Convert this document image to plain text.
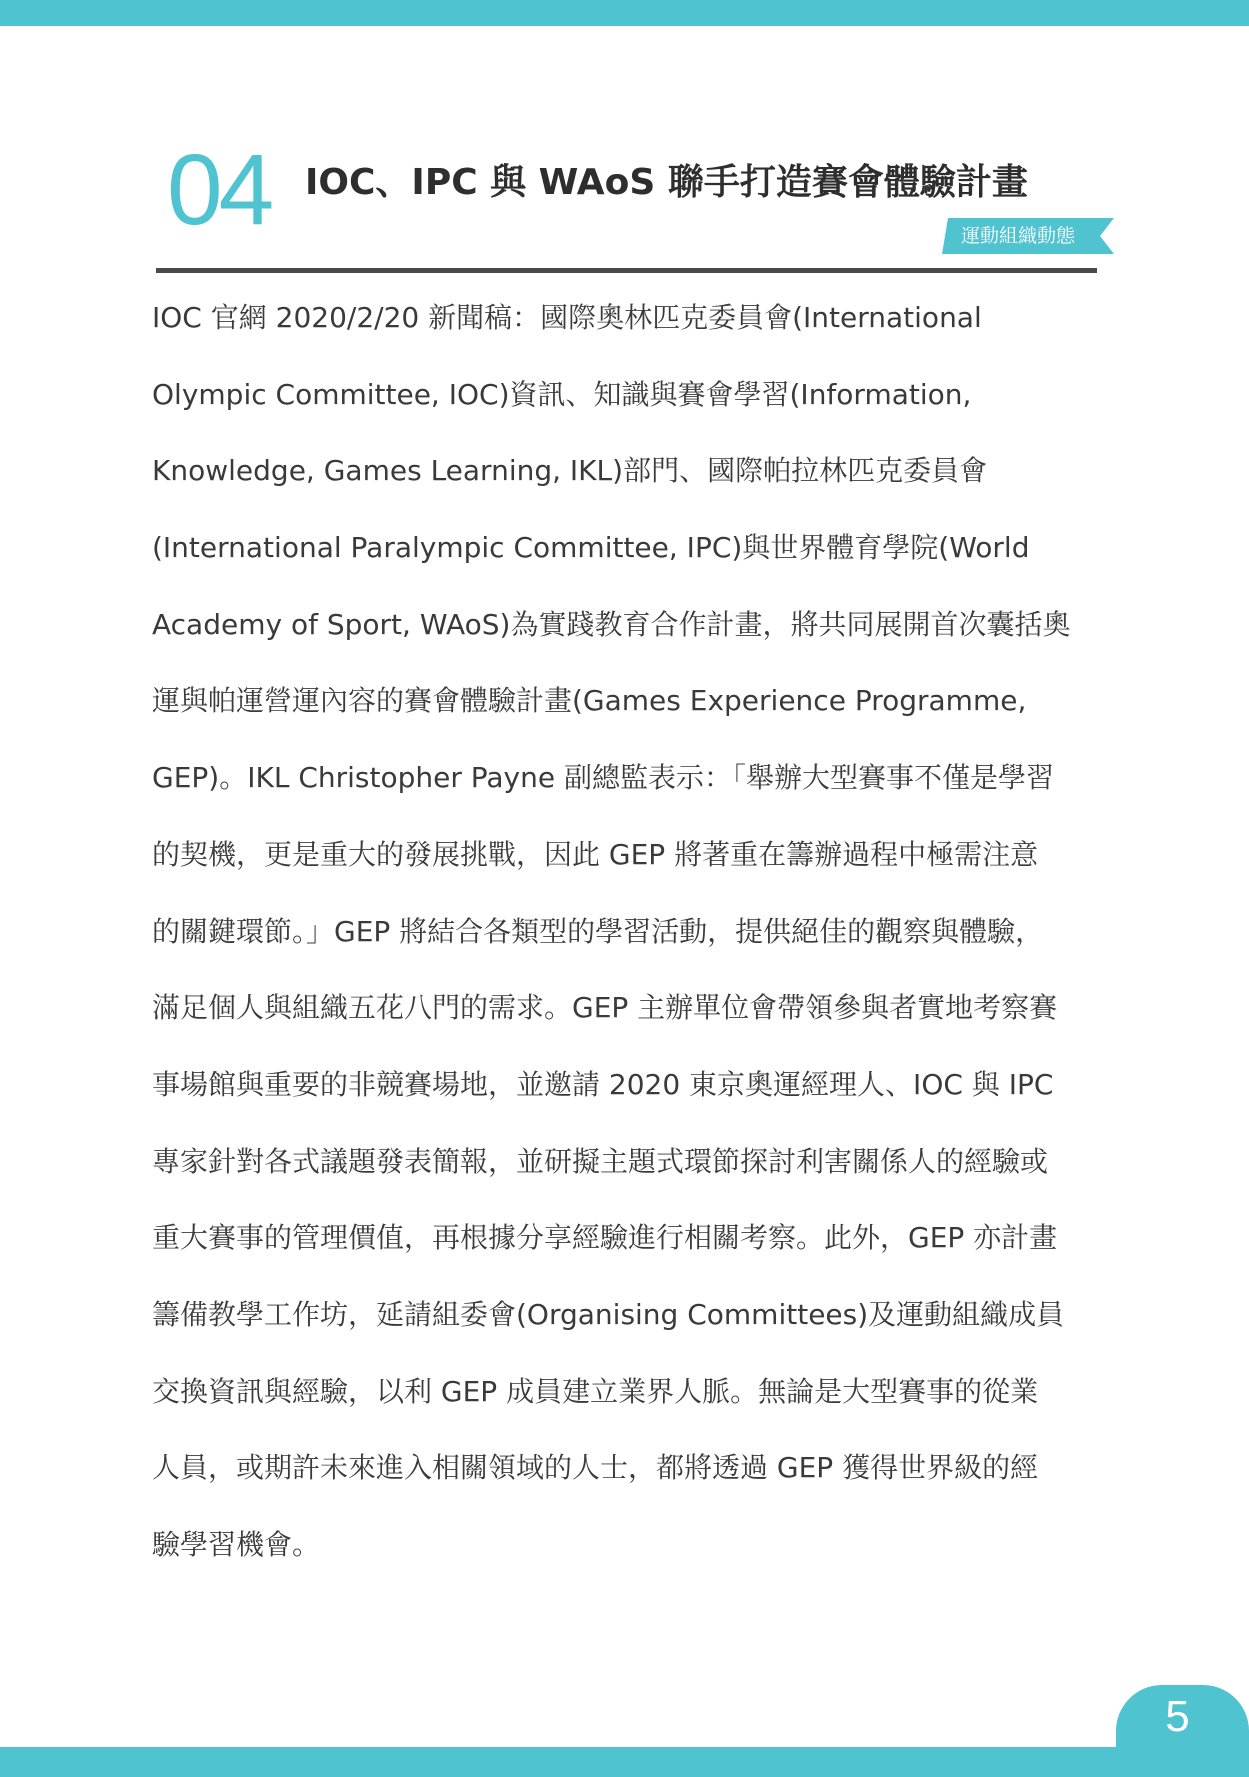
04 IOC、IPC 與 WAoS 聯手打造賽會體驗計畫
運動組織動態
IOC 官網 2020/2/20 新聞稿：國際奧林匹克委員會(International
Olympic Committee, IOC)資訊、知識與賽會學習(Information,
Knowledge, Games Learning, IKL)部門、國際帕拉林匹克委員會
(International Paralympic Committee, IPC)與世界體育學院(World
Academy of Sport, WAoS)為實踐教育合作計畫，將共同展開首次囊括奧
運與帕運營運內容的賽會體驗計畫(Games Experience Programme,
GEP)。IKL Christopher Payne 副總監表示：「舉辦大型賽事不僅是學習
的契機，更是重大的發展挑戰，因此 GEP 將著重在籌辦過程中極需注意
的關鍵環節。」GEP 將結合各類型的學習活動，提供絕佳的觀察與體驗，
滿足個人與組織五花八門的需求。GEP 主辦單位會帶領參與者實地考察賽
事場館與重要的非競賽場地，並邀請 2020 東京奧運經理人、IOC 與 IPC
專家針對各式議題發表簡報，並研擬主題式環節探討利害關係人的經驗或
重大賽事的管理價值，再根據分享經驗進行相關考察。此外，GEP 亦計畫
籌備教學工作坊，延請組委會(Organising Committees)及運動組織成員
交換資訊與經驗，以利 GEP 成員建立業界人脈。無論是大型賽事的從業
人員，或期許未來進入相關領域的人士，都將透過 GEP 獲得世界級的經
驗學習機會。
5
